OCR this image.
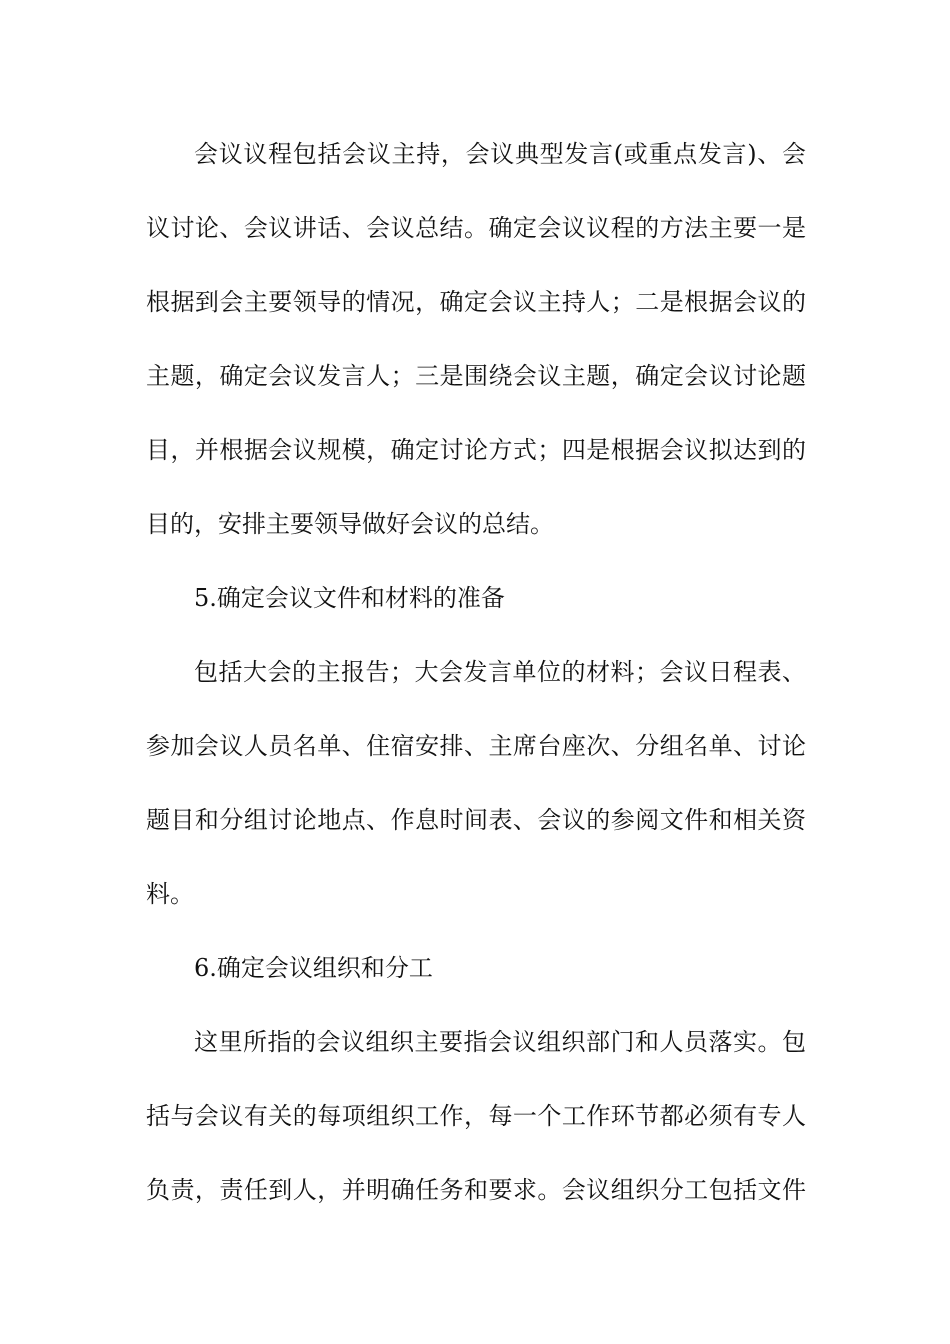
会议议程包括会议主持，会议典型发言(或重点发言)、会
议讨论、会议讲话、会议总结。确定会议议程的方法主要一是
根据到会主要领导的情况，确定会议主持人；二是根据会议的
主题，确定会议发言人；三是围绕会议主题，确定会议讨论题
目，并根据会议规模，确定讨论方式；四是根据会议拟达到的
目的，安排主要领导做好会议的总结。
5.确定会议文件和材料的准备
包括大会的主报告；大会发言单位的材料；会议日程表、
参加会议人员名单、住宿安排、主席台座次、分组名单、讨论
题目和分组讨论地点、作息时间表、会议的参阅文件和相关资
料。
6.确定会议组织和分工
这里所指的会议组织主要指会议组织部门和人员落实。包
括与会议有关的每项组织工作，每一个工作环节都必须有专人
负责，责任到人，并明确任务和要求。会议组织分工包括文件
